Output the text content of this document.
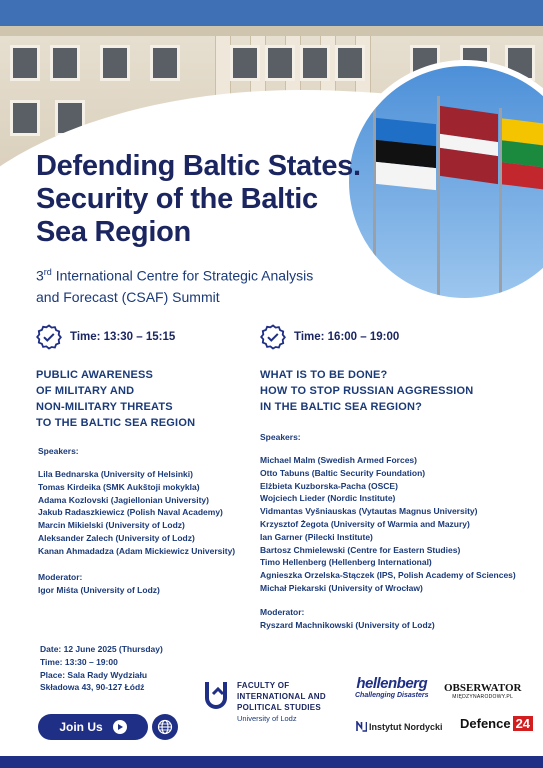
Defending Baltic States. Security of the Baltic Sea Region
3rd International Centre for Strategic Analysis
and Forecast (CSAF) Summit
Time: 13:30 – 15:15
PUBLIC AWARENESS
OF MILITARY AND
NON-MILITARY THREATS
TO THE BALTIC SEA REGION
Speakers:
Lila Bednarska (University of Helsinki)
Tomas Kirdeika (SMK Aukštoji mokykla)
Adama Kozlovski (Jagiellonian University)
Jakub Radaszkiewicz (Polish Naval Academy)
Marcin Mikielski (University of Lodz)
Aleksander Zalech (University of Lodz)
Kanan Ahmadadza (Adam Mickiewicz University)
Moderator:
Igor Miśta (University of Lodz)
Time: 16:00 – 19:00
WHAT IS TO BE DONE?
HOW TO STOP RUSSIAN AGGRESSION
IN THE BALTIC SEA REGION?
Speakers:
Michael Malm (Swedish Armed Forces)
Otto Tabuns (Baltic Security Foundation)
Elżbieta Kuzborska-Pacha (OSCE)
Wojciech Lieder (Nordic Institute)
Vidmantas Vyšniauskas (Vytautas Magnus University)
Krzysztof Żegota (University of Warmia and Mazury)
Ian Garner (Pilecki Institute)
Bartosz Chmielewski (Centre for Eastern Studies)
Timo Hellenberg (Hellenberg International)
Agnieszka Orzelska-Stączek (IPS, Polish Academy of Sciences)
Michał Piekarski (University of Wrocław)
Moderator:
Ryszard Machnikowski (University of Lodz)
Date: 12 June 2025 (Thursday)
Time: 13:30 – 19:00
Place: Sala Rady Wydziału
Składowa 43, 90-127 Łódź
Join Us
FACULTY OF
INTERNATIONAL AND
POLITICAL STUDIES
University of Lodz
hellenberg
Challenging Disasters
OBSERWATOR
MIĘDZYNARODOWY.PL
Instytut Nordycki Defence 24
